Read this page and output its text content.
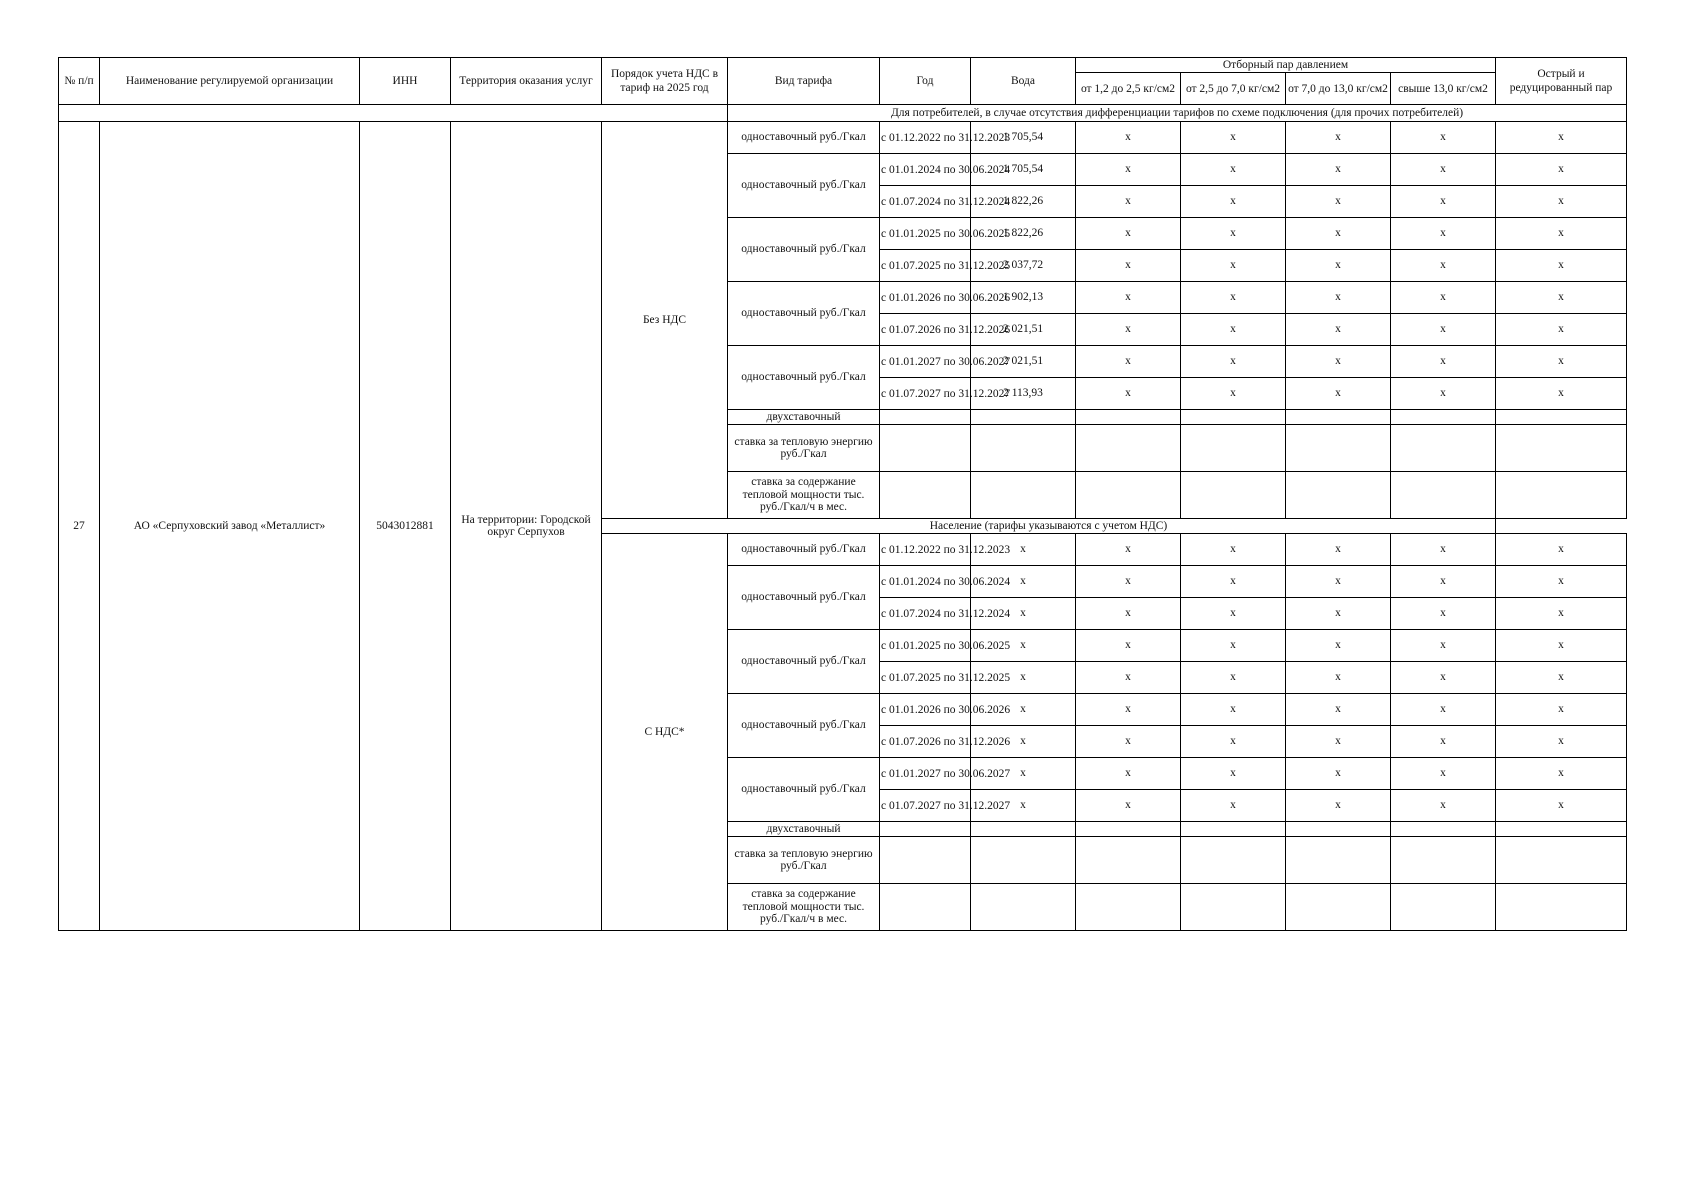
№ п/п	Наименование регулируемой организации	ИНН	Территория оказания услуг	Порядок учета НДС в тариф на 2025 год	Вид тарифа	Год	Вода	Отборный пар давлением				Острый и редуцированный пар
								от 1,2 до 2,5 кг/см2	от 2,5 до 7,0 кг/см2	от 7,0 до 13,0 кг/см2	свыше 13,0 кг/см2	
					Для потребителей, в случае отсутствия дифференциации тарифов по схеме подключения (для прочих потребителей)							
27	АО «Серпуховский завод «Металлист»	5043012881	На территории: Городской округ Серпухов	Без НДС	одноставочный руб./Гкал	с 01.12.2022 по 31.12.2023	1 705,54	x	x	x	x	x
					одноставочный руб./Гкал	с 01.01.2024 по 30.06.2024	1 705,54	x	x	x	x	x
						с 01.07.2024 по 31.12.2024	1 822,26	x	x	x	x	x
					одноставочный руб./Гкал	с 01.01.2025 по 30.06.2025	1 822,26	x	x	x	x	x
						с 01.07.2025 по 31.12.2025	2 037,72	x	x	x	x	x
					одноставочный руб./Гкал	с 01.01.2026 по 30.06.2026	1 902,13	x	x	x	x	x
						с 01.07.2026 по 31.12.2026	2 021,51	x	x	x	x	x
					одноставочный руб./Гкал	с 01.01.2027 по 30.06.2027	2 021,51	x	x	x	x	x
						с 01.07.2027 по 31.12.2027	2 113,93	x	x	x	x	x
					двухставочный							
					ставка за тепловую энергию руб./Гкал							
					ставка за содержание тепловой мощности тыс. руб./Гкал/ч в мес.							
				Население (тарифы указываются с учетом НДС)								
				С НДС*	одноставочный руб./Гкал	с 01.12.2022 по 31.12.2023	x	x	x	x	x	x
					одноставочный руб./Гкал	с 01.01.2024 по 30.06.2024	x	x	x	x	x	x
						с 01.07.2024 по 31.12.2024	x	x	x	x	x	x
					одноставочный руб./Гкал	с 01.01.2025 по 30.06.2025	x	x	x	x	x	x
						с 01.07.2025 по 31.12.2025	x	x	x	x	x	x
					одноставочный руб./Гкал	с 01.01.2026 по 30.06.2026	x	x	x	x	x	x
						с 01.07.2026 по 31.12.2026	x	x	x	x	x	x
					одноставочный руб./Гкал	с 01.01.2027 по 30.06.2027	x	x	x	x	x	x
						с 01.07.2027 по 31.12.2027	x	x	x	x	x	x
					двухставочный							
					ставка за тепловую энергию руб./Гкал							
					ставка за содержание тепловой мощности тыс. руб./Гкал/ч в мес.							
